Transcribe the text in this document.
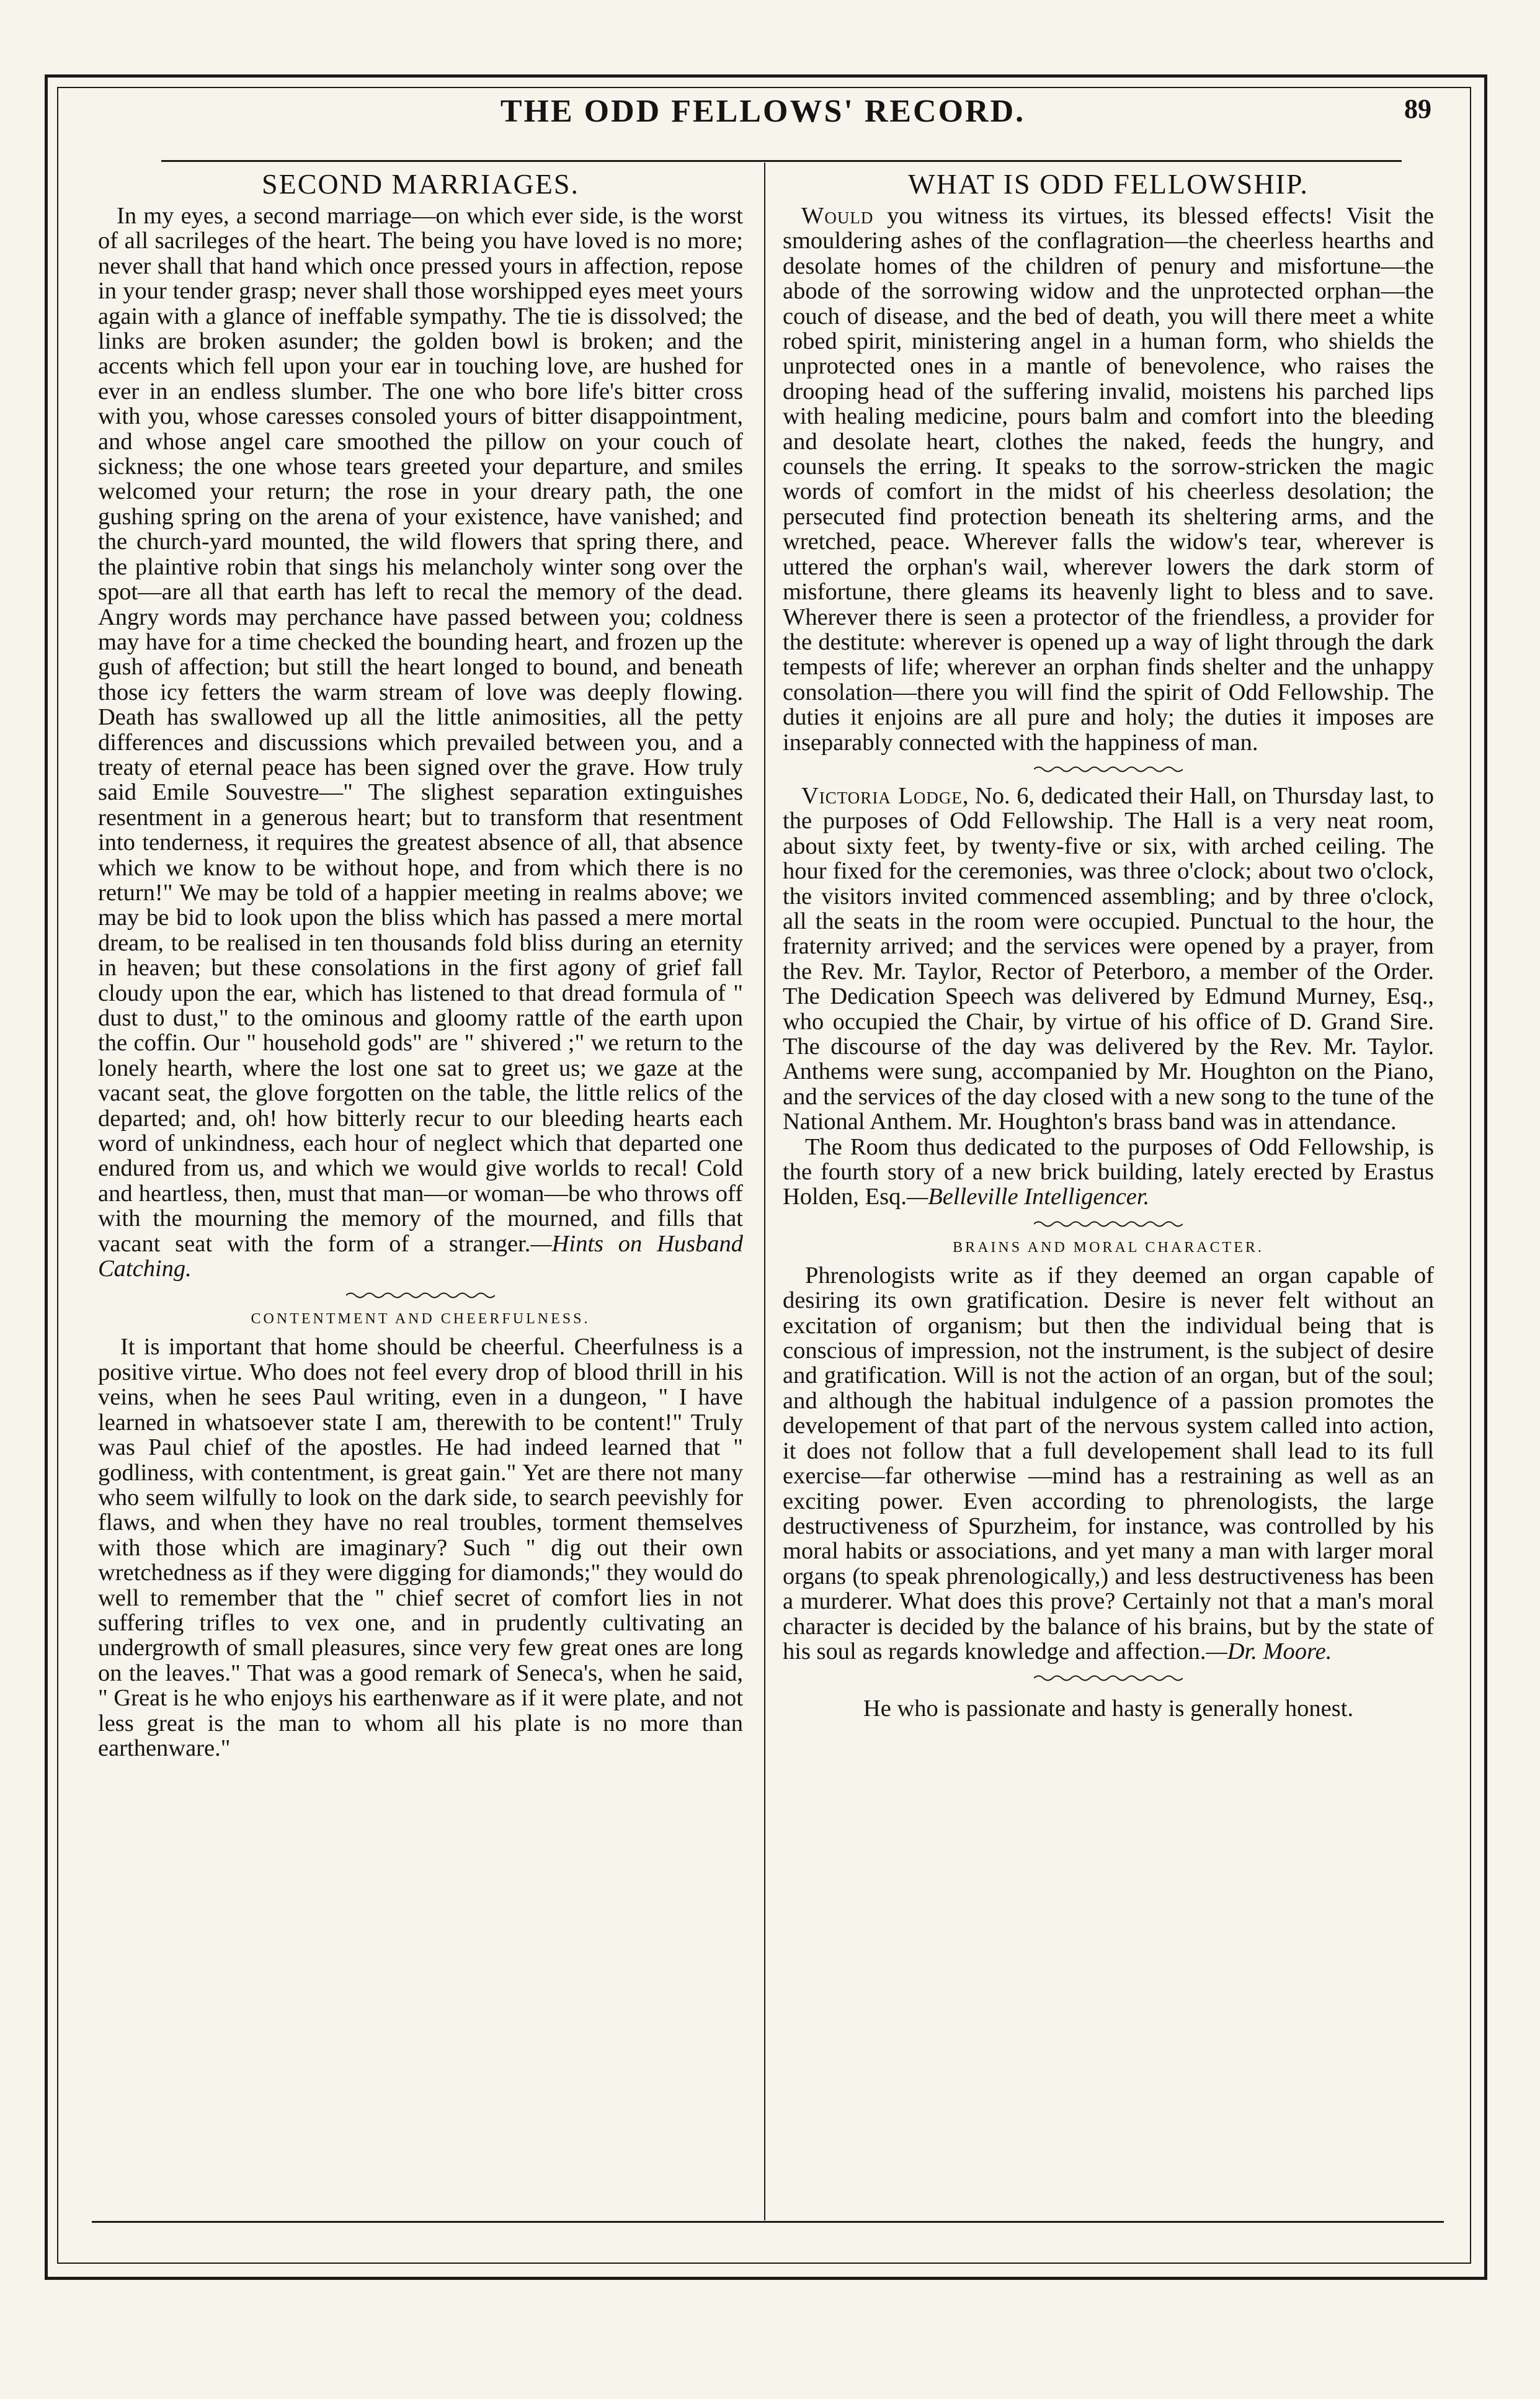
THE ODD FELLOWS' RECORD.	89
SECOND MARRIAGES.

In my eyes, a second marriage—on which ever side, is the worst of all sacrileges of the heart. The being you have loved is no more; never shall that hand which once pressed yours in affection, repose in your tender grasp; never shall those worshipped eyes meet yours again with a glance of ineffable sympathy. The tie is dissolved; the links are broken asunder; the golden bowl is broken; and the accents which fell upon your ear in touching love, are hushed for ever in an endless slumber. The one who bore life's bitter cross with you, whose caresses consoled yours of bitter disappointment, and whose angel care smoothed the pillow on your couch of sickness; the one whose tears greeted your departure, and smiles welcomed your return; the rose in your dreary path, the one gushing spring on the arena of your existence, have vanished; and the church-yard mounted, the wild flowers that spring there, and the plaintive robin that sings his melancholy winter song over the spot—are all that earth has left to recal the memory of the dead. Angry words may perchance have passed between you; coldness may have for a time checked the bounding heart, and frozen up the gush of affection; but still the heart longed to bound, and beneath those icy fetters the warm stream of love was deeply flowing. Death has swallowed up all the little animosities, all the petty differences and discussions which prevailed between you, and a treaty of eternal peace has been signed over the grave. How truly said Emile Souvestre—" The slighest separation extinguishes resentment in a generous heart; but to transform that resentment into tenderness, it requires the greatest absence of all, that absence which we know to be without hope, and from which there is no return!" We may be told of a happier meeting in realms above; we may be bid to look upon the bliss which has passed a mere mortal dream, to be realised in ten thousands fold bliss during an eternity in heaven; but these consolations in the first agony of grief fall cloudy upon the ear, which has listened to that dread formula of " dust to dust," to the ominous and gloomy rattle of the earth upon the coffin. Our " household gods" are " shivered ;" we return to the lonely hearth, where the lost one sat to greet us; we gaze at the vacant seat, the glove forgotten on the table, the little relics of the departed; and, oh! how bitterly recur to our bleeding hearts each word of unkindness, each hour of neglect which that departed one endured from us, and which we would give worlds to recal! Cold and heartless, then, must that man—or woman—be who throws off with the mourning the memory of the mourned, and fills that vacant seat with the form of a stranger.—Hints on Husband Catching.

CONTENTMENT AND CHEERFULNESS.

It is important that home should be cheerful. Cheerfulness is a positive virtue. Who does not feel every drop of blood thrill in his veins, when he sees Paul writing, even in a dungeon, " I have learned in whatsoever state I am, therewith to be content!" Truly was Paul chief of the apostles. He had indeed learned that " godliness, with contentment, is great gain." Yet are there not many who seem wilfully to look on the dark side, to search peevishly for flaws, and when they have no real troubles, torment themselves with those which are imaginary? Such " dig out their own wretchedness as if they were digging for diamonds;" they would do well to remember that the " chief secret of comfort lies in not suffering trifles to vex one, and in prudently cultivating an undergrowth of small pleasures, since very few great ones are long on the leaves." That was a good remark of Seneca's, when he said, " Great is he who enjoys his earthenware as if it were plate, and not less great is the man to whom all his plate is no more than earthenware."

WHAT IS ODD FELLOWSHIP.

Would you witness its virtues, its blessed effects! Visit the smouldering ashes of the conflagration—the cheerless hearths and desolate homes of the children of penury and misfortune—the abode of the sorrowing widow and the unprotected orphan—the couch of disease, and the bed of death, you will there meet a white robed spirit, ministering angel in a human form, who shields the unprotected ones in a mantle of benevolence, who raises the drooping head of the suffering invalid, moistens his parched lips with healing medicine, pours balm and comfort into the bleeding and desolate heart, clothes the naked, feeds the hungry, and counsels the erring. It speaks to the sorrow-stricken the magic words of comfort in the midst of his cheerless desolation; the persecuted find protection beneath its sheltering arms, and the wretched, peace. Wherever falls the widow's tear, wherever is uttered the orphan's wail, wherever lowers the dark storm of misfortune, there gleams its heavenly light to bless and to save. Wherever there is seen a protector of the friendless, a provider for the destitute: wherever is opened up a way of light through the dark tempests of life; wherever an orphan finds shelter and the unhappy consolation—there you will find the spirit of Odd Fellowship. The duties it enjoins are all pure and holy; the duties it imposes are inseparably connected with the happiness of man.

Victoria Lodge, No. 6, dedicated their Hall, on Thursday last, to the purposes of Odd Fellowship. The Hall is a very neat room, about sixty feet, by twenty-five or six, with arched ceiling. The hour fixed for the ceremonies, was three o'clock; about two o'clock, the visitors invited commenced assembling; and by three o'clock, all the seats in the room were occupied. Punctual to the hour, the fraternity arrived; and the services were opened by a prayer, from the Rev. Mr. Taylor, Rector of Peterboro, a member of the Order. The Dedication Speech was delivered by Edmund Murney, Esq., who occupied the Chair, by virtue of his office of D. Grand Sire. The discourse of the day was delivered by the Rev. Mr. Taylor. Anthems were sung, accompanied by Mr. Houghton on the Piano, and the services of the day closed with a new song to the tune of the National Anthem. Mr. Houghton's brass band was in attendance.

The Room thus dedicated to the purposes of Odd Fellowship, is the fourth story of a new brick building, lately erected by Erastus Holden, Esq.—Belleville Intelligencer.

BRAINS AND MORAL CHARACTER.

Phrenologists write as if they deemed an organ capable of desiring its own gratification. Desire is never felt without an excitation of organism; but then the individual being that is conscious of impression, not the instrument, is the subject of desire and gratification. Will is not the action of an organ, but of the soul; and although the habitual indulgence of a passion promotes the developement of that part of the nervous system called into action, it does not follow that a full developement shall lead to its full exercise—far otherwise —mind has a restraining as well as an exciting power. Even according to phrenologists, the large destructiveness of Spurzheim, for instance, was controlled by his moral habits or associations, and yet many a man with larger moral organs (to speak phrenologically,) and less destructiveness has been a murderer. What does this prove? Certainly not that a man's moral character is decided by the balance of his brains, but by the state of his soul as regards knowledge and affection.—Dr. Moore.

He who is passionate and hasty is generally honest.
